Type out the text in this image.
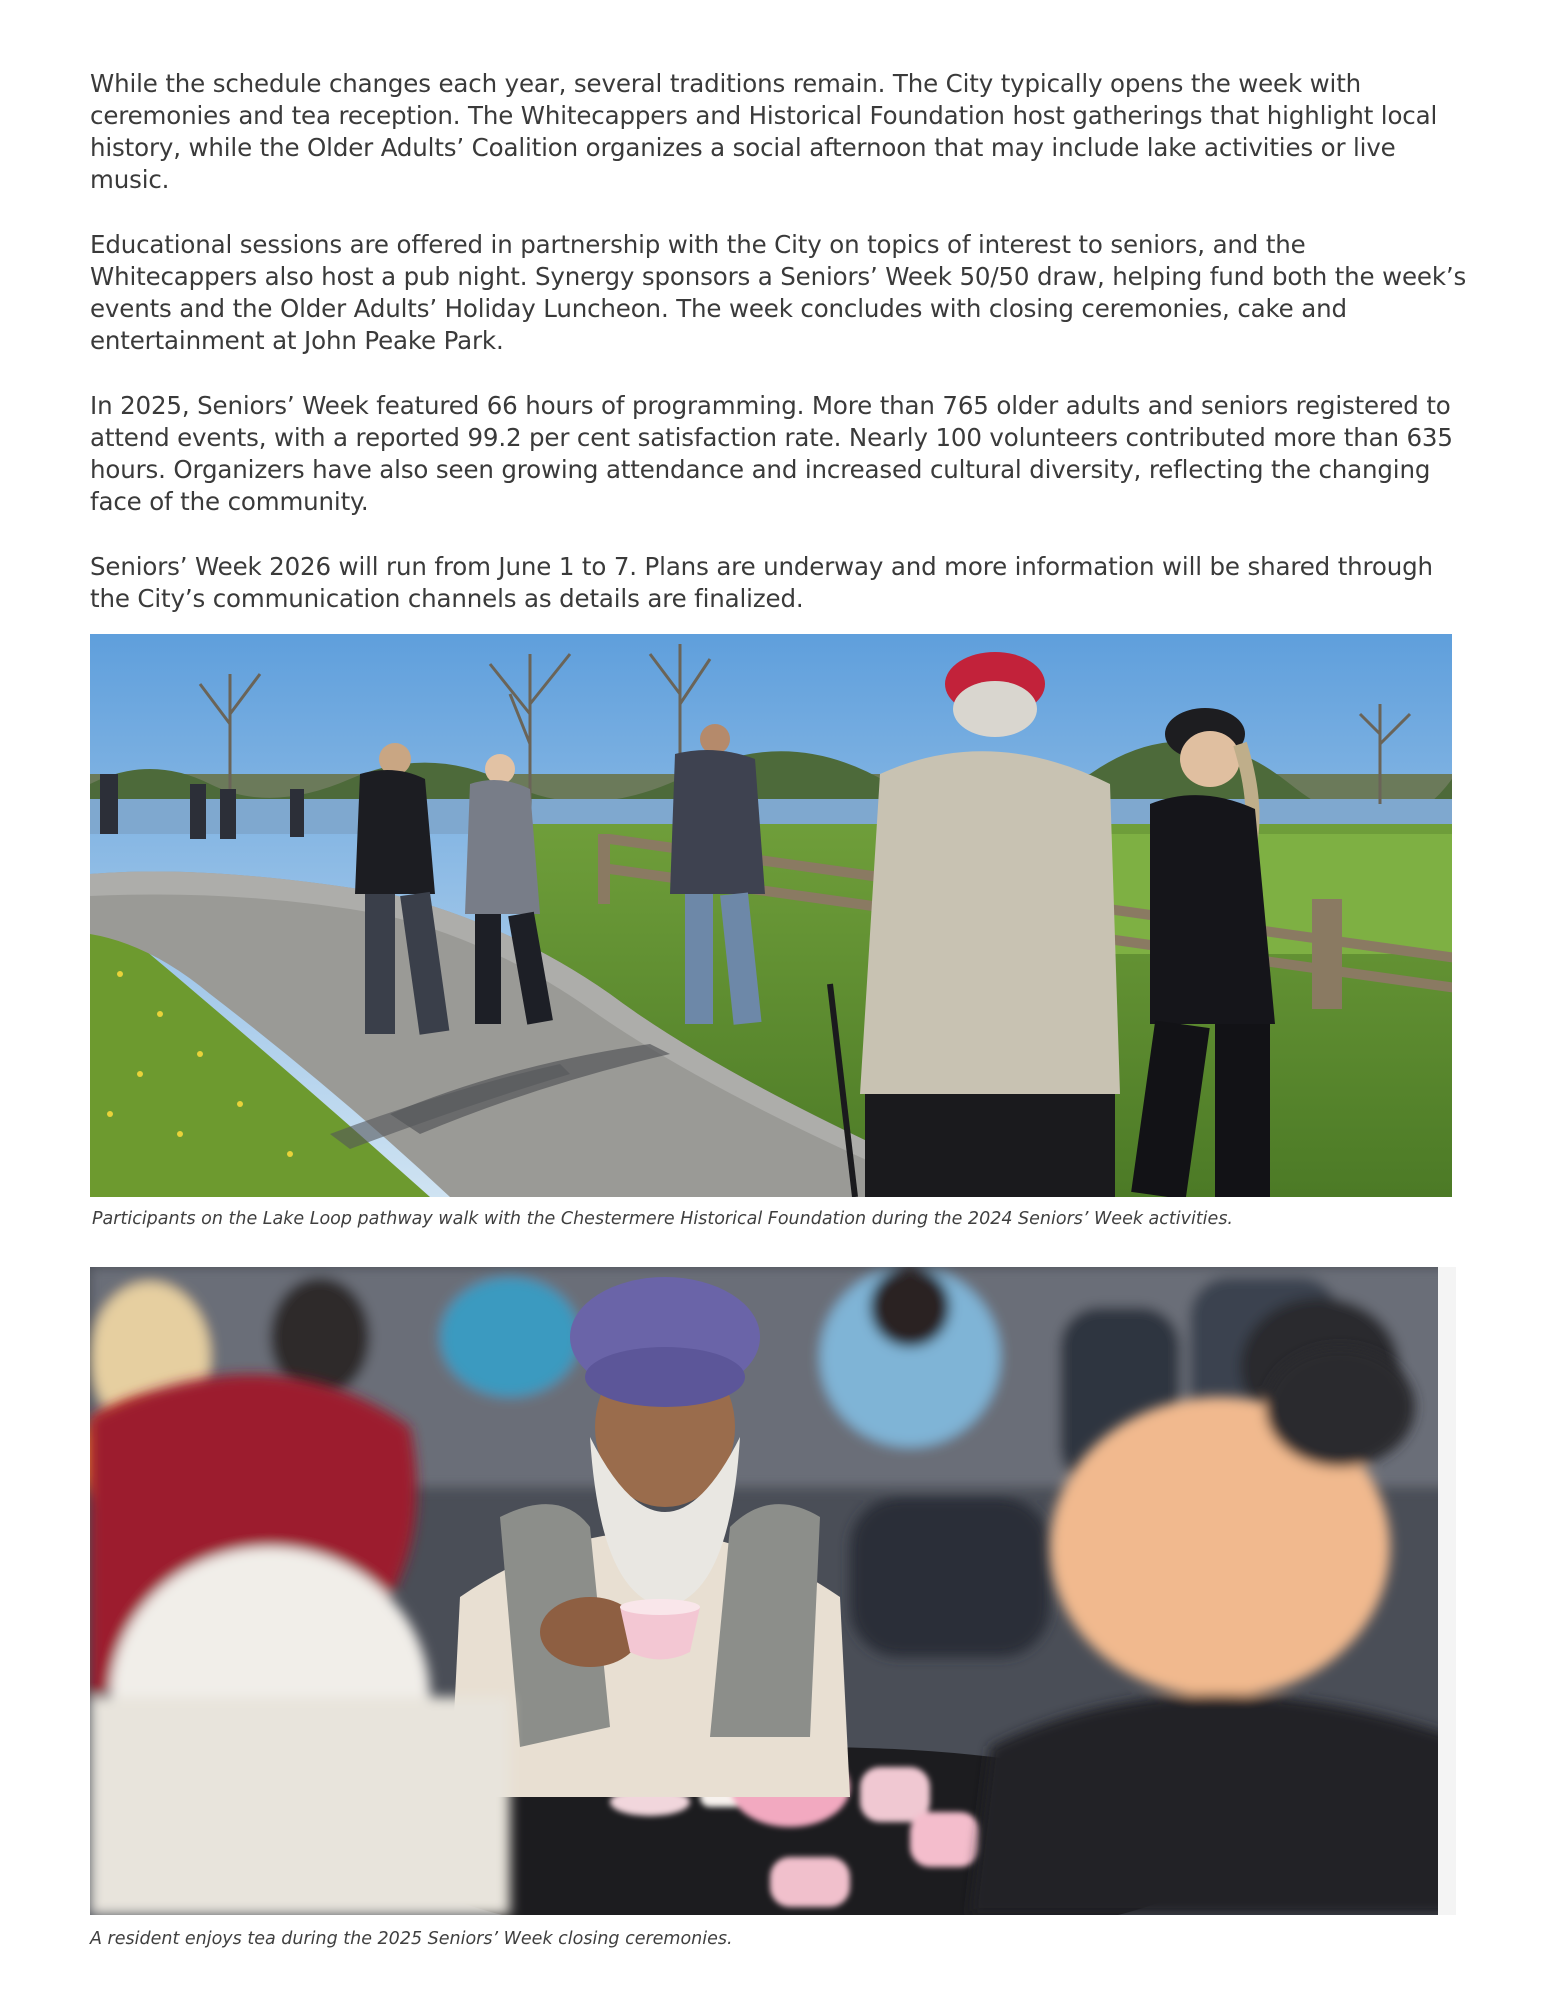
While the schedule changes each year, several traditions remain. The City typically opens the week with ceremonies and tea reception. The Whitecappers and Historical Foundation host gatherings that highlight local history, while the Older Adults’ Coalition organizes a social afternoon that may include lake activities or live music.

Educational sessions are offered in partnership with the City on topics of interest to seniors, and the Whitecappers also host a pub night. Synergy sponsors a Seniors’ Week 50/50 draw, helping fund both the week’s events and the Older Adults’ Holiday Luncheon. The week concludes with closing ceremonies, cake and entertainment at John Peake Park.

In 2025, Seniors’ Week featured 66 hours of programming. More than 765 older adults and seniors registered to attend events, with a reported 99.2 per cent satisfaction rate. Nearly 100 volunteers contributed more than 635 hours. Organizers have also seen growing attendance and increased cultural diversity, reflecting the changing face of the community.

Seniors’ Week 2026 will run from June 1 to 7. Plans are underway and more information will be shared through the City’s communication channels as details are finalized.

Participants on the Lake Loop pathway walk with the Chestermere Historical Foundation during the 2024 Seniors’ Week activities.
A resident enjoys tea during the 2025 Seniors’ Week closing ceremonies.
